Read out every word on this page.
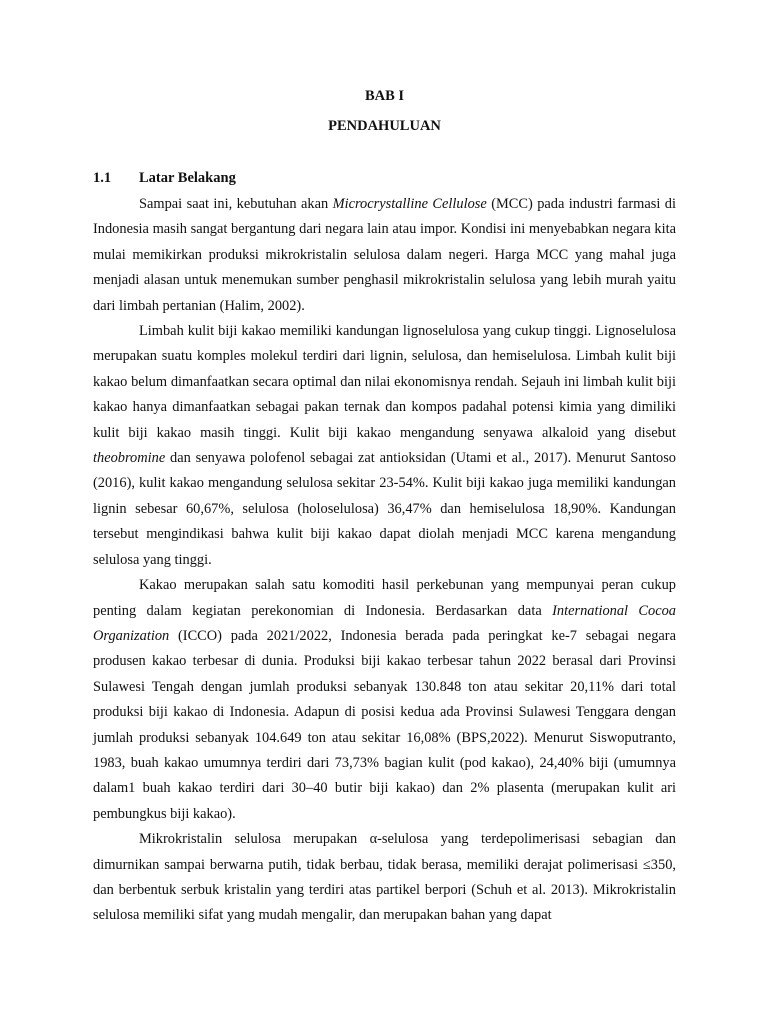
BAB I
PENDAHULUAN
1.1	Latar Belakang

Sampai saat ini, kebutuhan akan Microcrystalline Cellulose (MCC) pada industri farmasi di Indonesia masih sangat bergantung dari negara lain atau impor. Kondisi ini menyebabkan negara kita mulai memikirkan produksi mikrokristalin selulosa dalam negeri. Harga MCC yang mahal juga menjadi alasan untuk menemukan sumber penghasil mikrokristalin selulosa yang lebih murah yaitu dari limbah pertanian (Halim, 2002).

Limbah kulit biji kakao memiliki kandungan lignoselulosa yang cukup tinggi. Lignoselulosa merupakan suatu komples molekul terdiri dari lignin, selulosa, dan hemiselulosa. Limbah kulit biji kakao belum dimanfaatkan secara optimal dan nilai ekonomisnya rendah. Sejauh ini limbah kulit biji kakao hanya dimanfaatkan sebagai pakan ternak dan kompos padahal potensi kimia yang dimiliki kulit biji kakao masih tinggi. Kulit biji kakao mengandung senyawa alkaloid yang disebut theobromine dan senyawa polofenol sebagai zat antioksidan (Utami et al., 2017). Menurut Santoso (2016), kulit kakao mengandung selulosa sekitar 23-54%. Kulit biji kakao juga memiliki kandungan lignin sebesar 60,67%, selulosa (holoselulosa) 36,47% dan hemiselulosa 18,90%. Kandungan tersebut mengindikasi bahwa kulit biji kakao dapat diolah menjadi MCC karena mengandung selulosa yang tinggi.

Kakao merupakan salah satu komoditi hasil perkebunan yang mempunyai peran cukup penting dalam kegiatan perekonomian di Indonesia. Berdasarkan data International Cocoa Organization (ICCO) pada 2021/2022, Indonesia berada pada peringkat ke-7 sebagai negara produsen kakao terbesar di dunia. Produksi biji kakao terbesar tahun 2022 berasal dari Provinsi Sulawesi Tengah dengan jumlah produksi sebanyak 130.848 ton atau sekitar 20,11% dari total produksi biji kakao di Indonesia. Adapun di posisi kedua ada Provinsi Sulawesi Tenggara dengan jumlah produksi sebanyak 104.649 ton atau sekitar 16,08% (BPS,2022). Menurut Siswoputranto, 1983, buah kakao umumnya terdiri dari 73,73% bagian kulit (pod kakao), 24,40% biji (umumnya dalam1 buah kakao terdiri dari 30–40 butir biji kakao) dan 2% plasenta (merupakan kulit ari pembungkus biji kakao).

Mikrokristalin selulosa merupakan α-selulosa yang terdepolimerisasi sebagian dan dimurnikan sampai berwarna putih, tidak berbau, tidak berasa, memiliki derajat polimerisasi ≤350, dan berbentuk serbuk kristalin yang terdiri atas partikel berpori (Schuh et al. 2013). Mikrokristalin selulosa memiliki sifat yang mudah mengalir, dan merupakan bahan yang dapat
